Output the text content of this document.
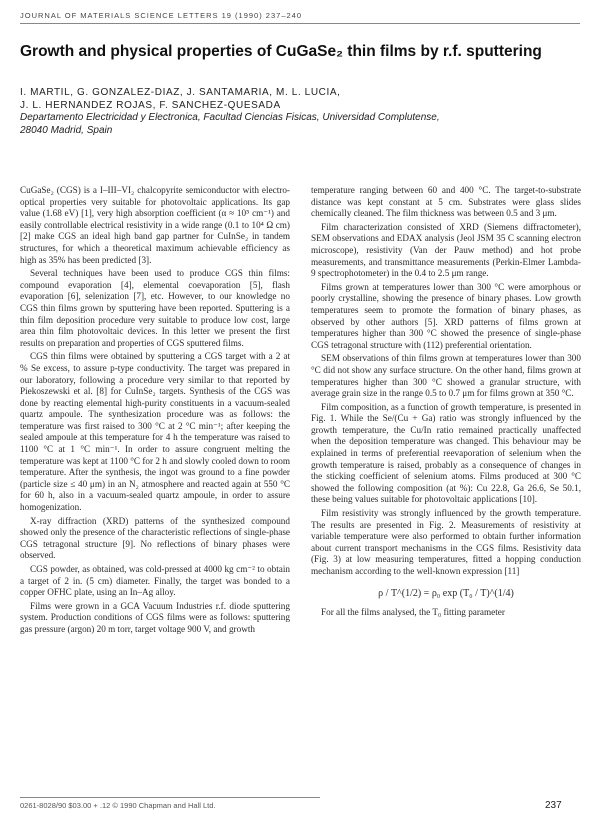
JOURNAL OF MATERIALS SCIENCE LETTERS 19 (1990) 237–240
Growth and physical properties of CuGaSe₂ thin films by r.f. sputtering
I. MARTIL, G. GONZALEZ-DIAZ, J. SANTAMARIA, M. L. LUCIA,
J. L. HERNANDEZ ROJAS, F. SANCHEZ-QUESADA
Departamento Electricidad y Electronica, Facultad Ciencias Fisicas, Universidad Complutense,
28040 Madrid, Spain

CuGaSe₂ (CGS) is a I–III–VI₂ chalcopyrite semiconductor with electro-optical properties very suitable for photovoltaic applications. Its gap value (1.68 eV) [1], very high absorption coefficient (α ≈ 10⁵ cm⁻¹) and easily controllable electrical resistivity in a wide range (0.1 to 10⁴ Ω cm) [2] make CGS an ideal high band gap partner for CuInSe₂ in tandem structures, for which a theoretical maximum achievable efficiency as high as 35% has been predicted [3].

Several techniques have been used to produce CGS thin films: compound evaporation [4], elemental coevaporation [5], flash evaporation [6], selenization [7], etc. However, to our knowledge no CGS thin films grown by sputtering have been reported. Sputtering is a thin film deposition procedure very suitable to produce low cost, large area thin film photovoltaic devices. In this letter we present the first results on preparation and properties of CGS sputtered films.

CGS thin films were obtained by sputtering a CGS target with a 2 at % Se excess, to assure p-type conductivity. The target was prepared in our laboratory, following a procedure very similar to that reported by Piekoszewski et al. [8] for CuInSe₂ targets. Synthesis of the CGS was done by reacting elemental high-purity constituents in a vacuum-sealed quartz ampoule. The synthesization procedure was as follows: the temperature was first raised to 300 °C at 2 °C min⁻¹; after keeping the sealed ampoule at this temperature for 4 h the temperature was raised to 1100 °C at 1 °C min⁻¹. In order to assure congruent melting the temperature was kept at 1100 °C for 2 h and slowly cooled down to room temperature. After the synthesis, the ingot was ground to a fine powder (particle size ≤ 40 μm) in an N₂ atmosphere and reacted again at 550 °C for 60 h, also in a vacuum-sealed quartz ampoule, in order to assure homogenization.

X-ray diffraction (XRD) patterns of the synthesized compound showed only the presence of the characteristic reflections of single-phase CGS tetragonal structure [9]. No reflections of binary phases were observed.

CGS powder, as obtained, was cold-pressed at 4000 kg cm⁻² to obtain a target of 2 in. (5 cm) diameter. Finally, the target was bonded to a copper OFHC plate, using an In–Ag alloy.

Films were grown in a GCA Vacuum Industries r.f. diode sputtering system. Production conditions of CGS films were as follows: sputtering gas pressure (argon) 20 m torr, target voltage 900 V, and growth

temperature ranging between 60 and 400 °C. The target-to-substrate distance was kept constant at 5 cm. Substrates were glass slides chemically cleaned. The film thickness was between 0.5 and 3 μm.

Film characterization consisted of XRD (Siemens diffractometer), SEM observations and EDAX analysis (Jeol JSM 35 C scanning electron microscope), resistivity (Van der Pauw method) and hot probe measurements, and transmittance measurements (Perkin-Elmer Lambda-9 spectrophotometer) in the 0.4 to 2.5 μm range.

Films grown at temperatures lower than 300 °C were amorphous or poorly crystalline, showing the presence of binary phases. Low growth temperatures seem to promote the formation of binary phases, as observed by other authors [5]. XRD patterns of films grown at temperatures higher than 300 °C showed the presence of single-phase CGS tetragonal structure with (112) preferential orientation.

SEM observations of thin films grown at temperatures lower than 300 °C did not show any surface structure. On the other hand, films grown at temperatures higher than 300 °C showed a granular structure, with average grain size in the range 0.5 to 0.7 μm for films grown at 350 °C.

Film composition, as a function of growth temperature, is presented in Fig. 1. While the Se/(Cu + Ga) ratio was strongly influenced by the growth temperature, the Cu/In ratio remained practically unaffected when the deposition temperature was changed. This behaviour may be explained in terms of preferential reevaporation of selenium when the growth temperature is raised, probably as a consequence of changes in the sticking coefficient of selenium atoms. Films produced at 300 °C showed the following composition (at %): Cu 22.8, Ga 26.6, Se 50.1, these being values suitable for photovoltaic applications [10].

Film resistivity was strongly influenced by the growth temperature. The results are presented in Fig. 2. Measurements of resistivity at variable temperature were also performed to obtain further information about current transport mechanisms in the CGS films. Resistivity data (Fig. 3) at low measuring temperatures, fitted a hopping conduction mechanism according to the well-known expression [11]

ρ / T^(1/2) = ρ₀ exp (T₀ / T)^(1/4)

For all the films analysed, the T₀ fitting parameter

0261-8028/90 $03.00 + .12 © 1990 Chapman and Hall Ltd.	237
